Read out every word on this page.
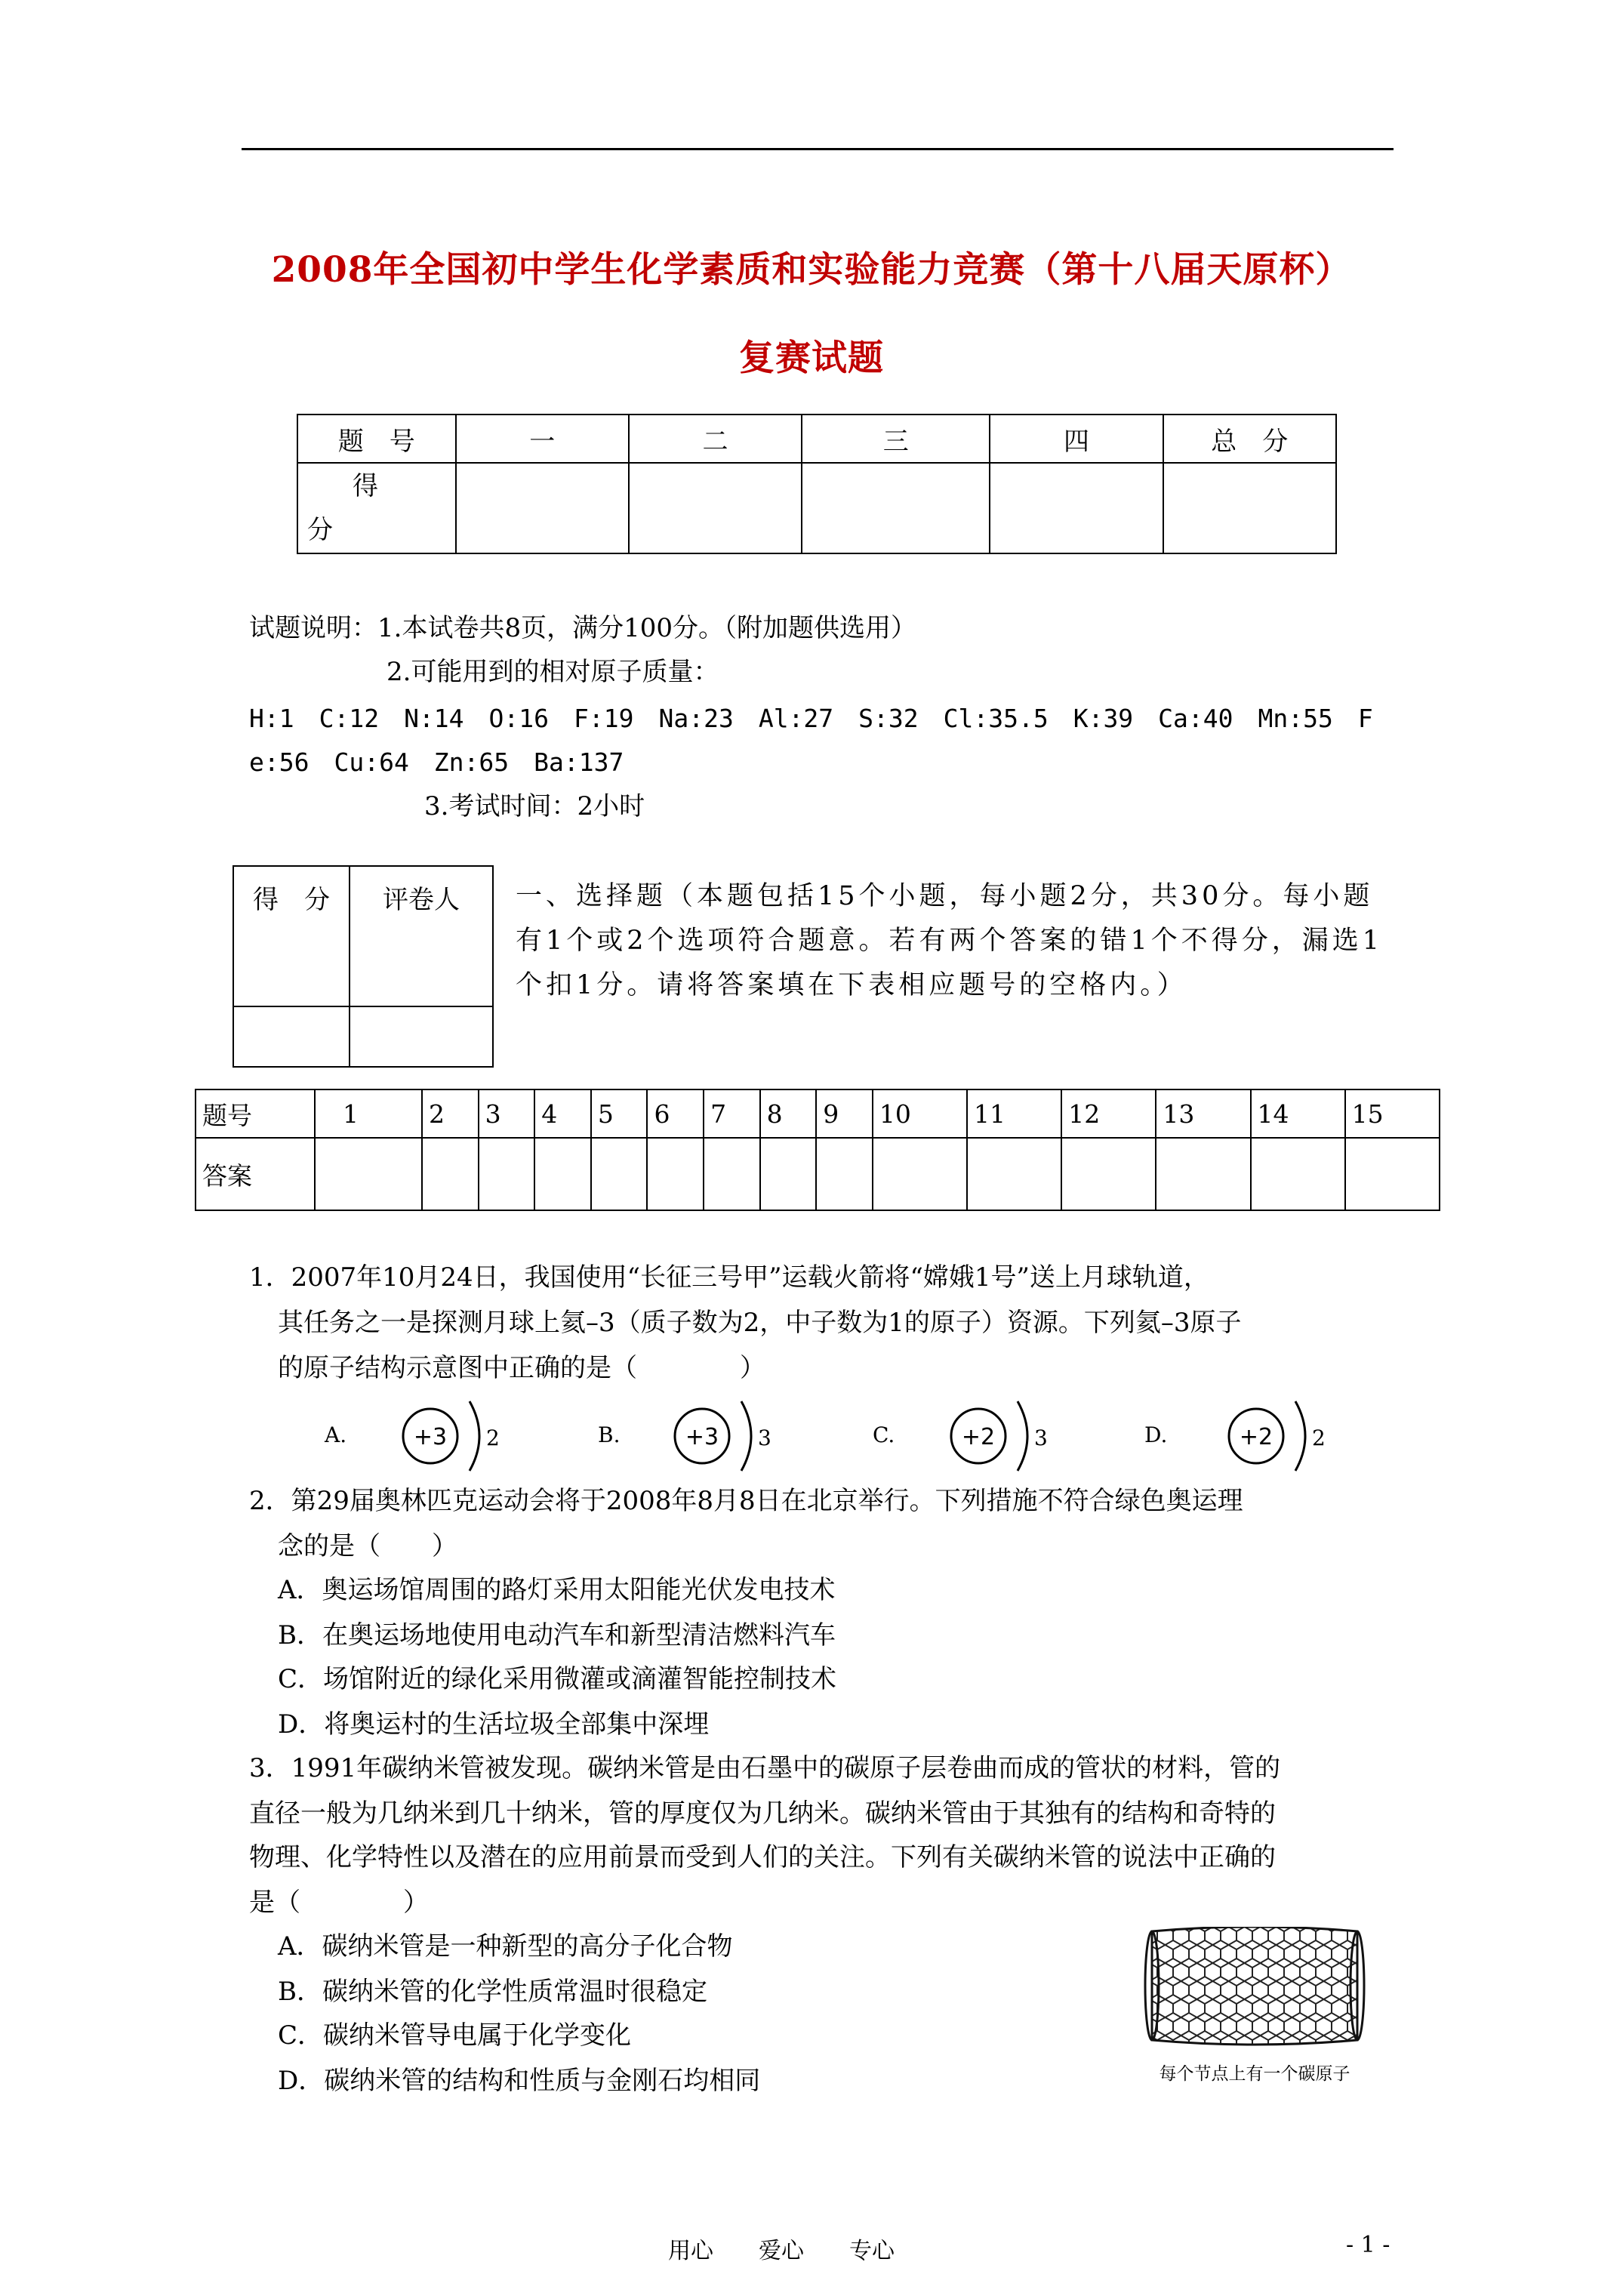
2008年全国初中学生化学素质和实验能力竞赛（第十八届天原杯）
复赛试题
题　号	一	二	三	四	总　分

得
分					

试题说明：1.本试卷共8页，满分100分。（附加题供选用）
2.可能用到的相对原子质量：
H:1　C:12　N:14　O:16　F:19　Na:23　Al:27　S:32　Cl:35.5　K:39　Ca:40　Mn:55　F
e:56　Cu:64　Zn:65　Ba:137
3.考试时间：2小时
得　分	评卷人
	一、选择题（本题包括15个小题，每小题2分，共30分。每小题有1个或2个选项符合题意。若有两个答案的错1个不得分，漏选1个扣1分。请将答案填在下表相应题号的空格内。）
题号	1	2	3	4	5	6	7	8	9	10	11	12	13	14	15
答案															
1．2007年10月24日，我国使用“长征三号甲”运载火箭将“嫦娥1号”送上月球轨道，
其任务之一是探测月球上氦–3（质子数为2，中子数为1的原子）资源。下列氦–3原子
的原子结构示意图中正确的是（　　　　）
A.	+3 2	B.	+3 3	C.	+2 3	D.	+2 2
2．第29届奥林匹克运动会将于2008年8月8日在北京举行。下列措施不符合绿色奥运理
念的是（　　）
A．奥运场馆周围的路灯采用太阳能光伏发电技术
B．在奥运场地使用电动汽车和新型清洁燃料汽车
C．场馆附近的绿化采用微灌或滴灌智能控制技术
D．将奥运村的生活垃圾全部集中深埋
3．1991年碳纳米管被发现。碳纳米管是由石墨中的碳原子层卷曲而成的管状的材料，管的
直径一般为几纳米到几十纳米，管的厚度仅为几纳米。碳纳米管由于其独有的结构和奇特的
物理、化学特性以及潜在的应用前景而受到人们的关注。下列有关碳纳米管的说法中正确的
是（　　　　）
A．碳纳米管是一种新型的高分子化合物
B．碳纳米管的化学性质常温时很稳定
C．碳纳米管导电属于化学变化
D．碳纳米管的结构和性质与金刚石均相同	每个节点上有一个碳原子
用心　　爱心　　专心	- 1 -
